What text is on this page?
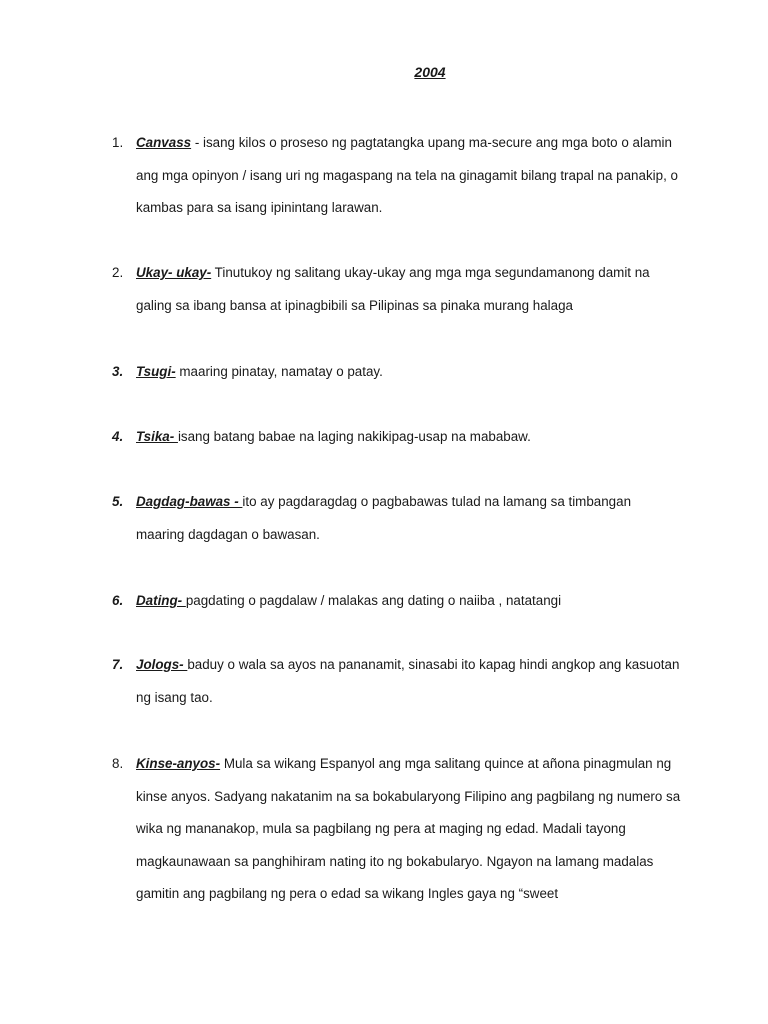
2004
1. Canvass - isang kilos o proseso ng pagtatangka upang ma-secure ang mga boto o alamin ang mga opinyon / isang uri ng magaspang na tela na ginagamit bilang trapal na panakip, o kambas para sa isang ipinintang larawan.
2. Ukay- ukay- Tinutukoy ng salitang ukay-ukay ang mga mga segundamanong damit na galing sa ibang bansa at ipinagbibili sa Pilipinas sa pinaka murang halaga
3. Tsugi- maaring pinatay, namatay o patay.
4. Tsika- isang batang babae na laging nakikipag-usap na mababaw.
5. Dagdag-bawas - ito ay pagdaragdag o pagbabawas tulad na lamang sa timbangan maaring dagdagan o bawasan.
6. Dating- pagdating o pagdalaw / malakas ang dating o naiiba , natatangi
7. Jologs- baduy o wala sa ayos na pananamit, sinasabi ito kapag hindi angkop ang kasuotan ng isang tao.
8. Kinse-anyos- Mula sa wikang Espanyol ang mga salitang quince at añona pinagmulan ng kinse anyos. Sadyang nakatanim na sa bokabularyong Filipino ang pagbilang ng numero sa wika ng mananakop, mula sa pagbilang ng pera at maging ng edad. Madali tayong magkaunawaan sa panghihiram nating ito ng bokabularyo. Ngayon na lamang madalas gamitin ang pagbilang ng pera o edad sa wikang Ingles gaya ng “sweet
